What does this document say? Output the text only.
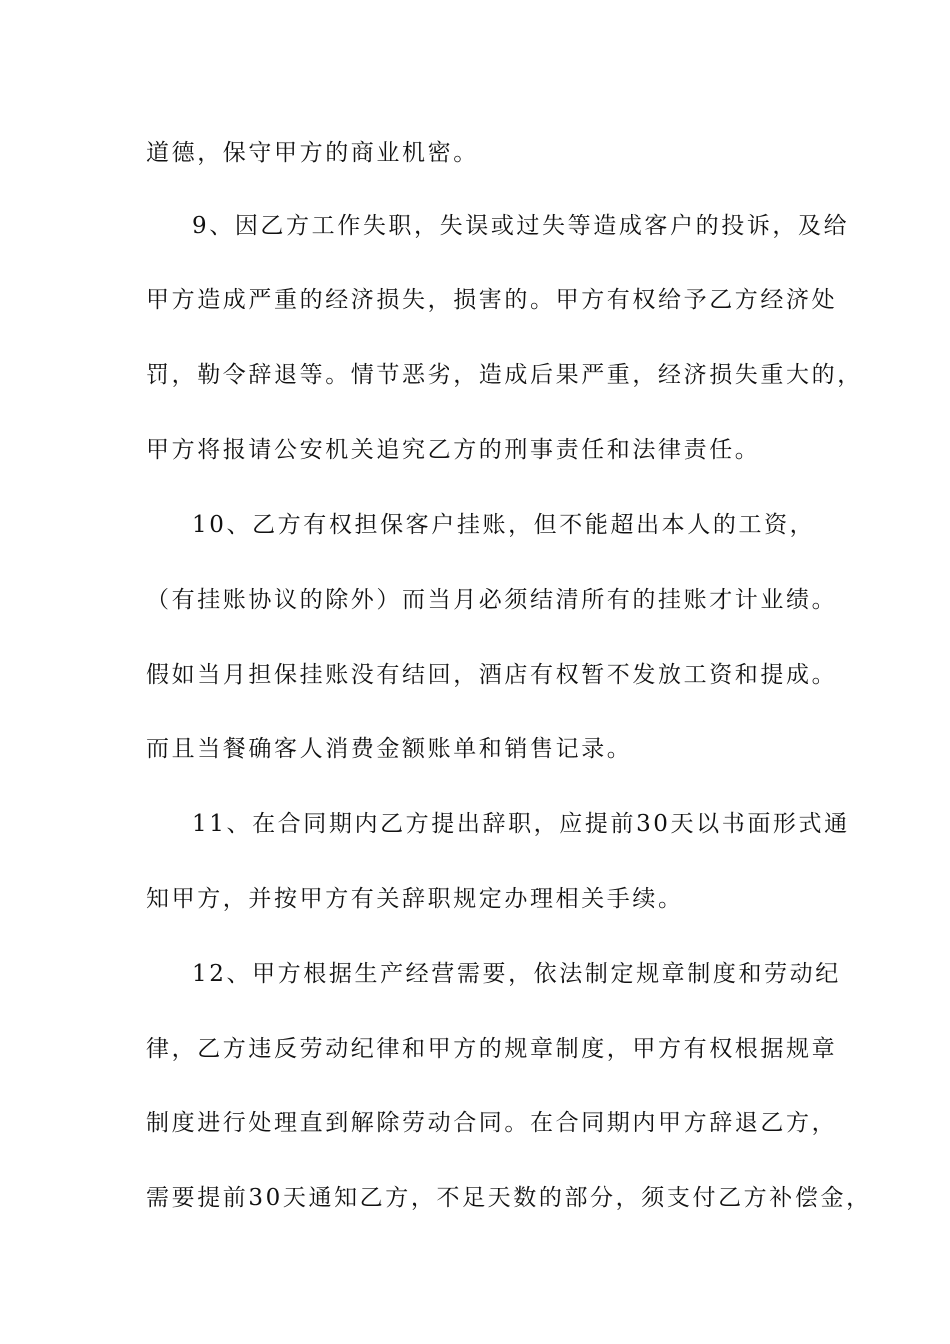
道德，保守甲方的商业机密。
9、因乙方工作失职，失误或过失等造成客户的投诉，及给
甲方造成严重的经济损失，损害的。甲方有权给予乙方经济处
罚，勒令辞退等。情节恶劣，造成后果严重，经济损失重大的，
甲方将报请公安机关追究乙方的刑事责任和法律责任。
10、乙方有权担保客户挂账，但不能超出本人的工资，
（有挂账协议的除外）而当月必须结清所有的挂账才计业绩。
假如当月担保挂账没有结回，酒店有权暂不发放工资和提成。
而且当餐确客人消费金额账单和销售记录。
11、在合同期内乙方提出辞职，应提前30天以书面形式通
知甲方，并按甲方有关辞职规定办理相关手续。
12、甲方根据生产经营需要，依法制定规章制度和劳动纪
律，乙方违反劳动纪律和甲方的规章制度，甲方有权根据规章
制度进行处理直到解除劳动合同。在合同期内甲方辞退乙方，
需要提前30天通知乙方，不足天数的部分，须支付乙方补偿金，
